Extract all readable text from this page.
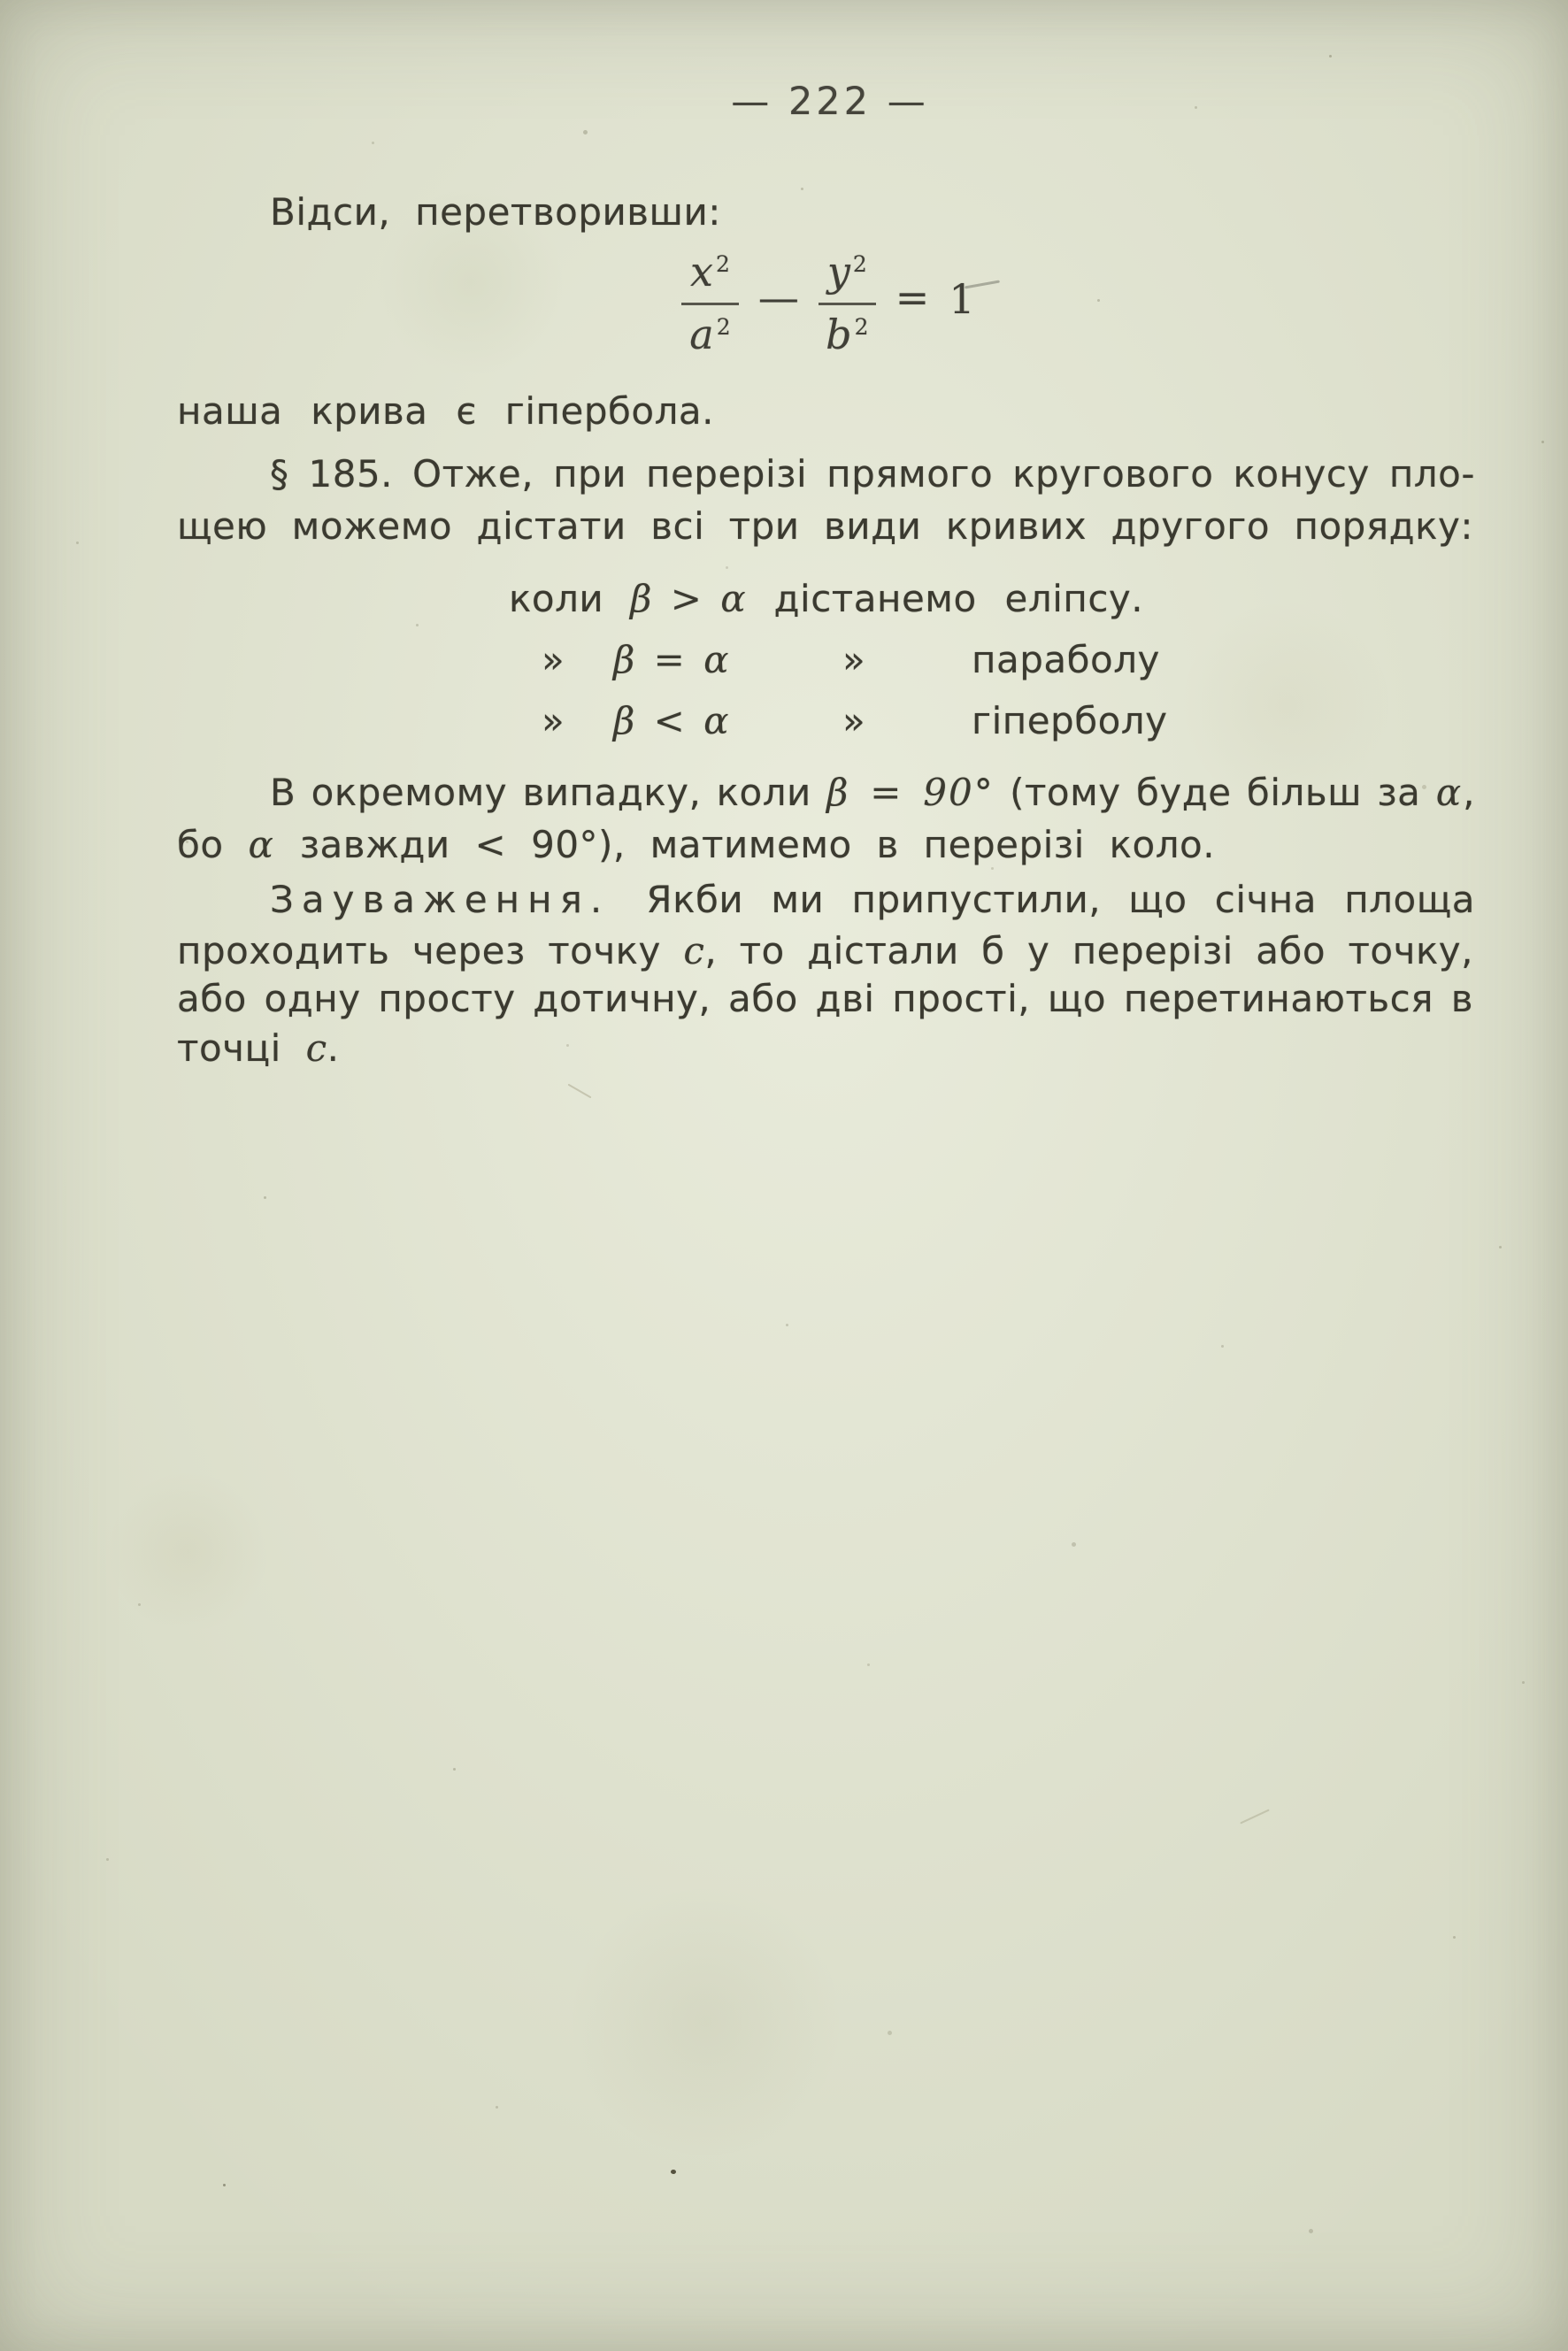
— 222 —
Відси, перетворивши:
$\frac{x ^2}{a ^2}$ — $\frac{y ^2}{b ^2} = 1$
наша крива є гіпербола.
§ 185. Отже, при перерізі прямого кругового конусу пло-
щею можемо дістати всі три види кривих другого порядку:
коли β > α дістанемо еліпсу.
» β = α	»	параболу
» β < α	»	гіперболу
В окремому випадку, коли β = 90° (тому буде більш за α,
бо α завжди < 90°), матимемо в перерізі коло.
Зауваження. Якби ми припустили, що січна площа
проходить через точку с, то дістали б у перерізі або точку,
або одну просту дотичну, або дві прості, що перетинаються в
точці с.
